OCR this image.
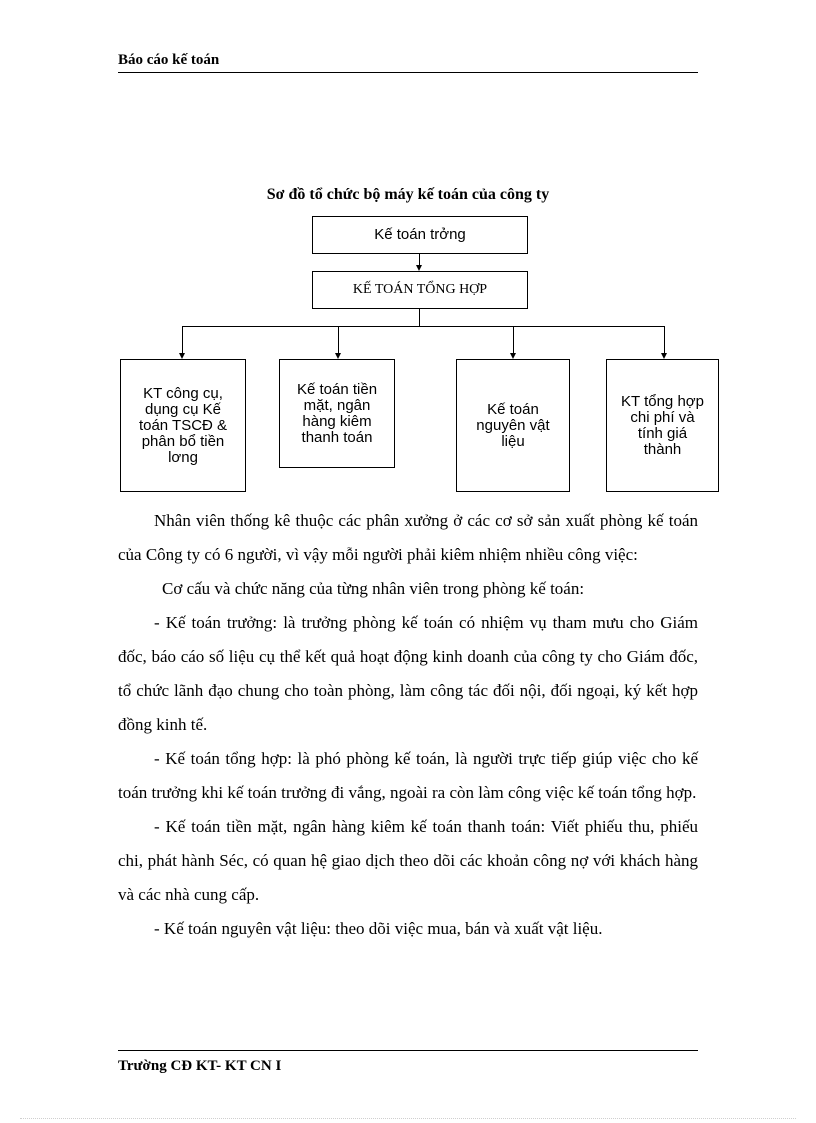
Báo cáo kế toán
Sơ đồ tổ chức bộ máy kế toán của công ty
Kế toán trởng
KẾ TOÁN TỔNG HỢP
KT công cụ,
dụng cụ Kế
toán TSCĐ &
phân bổ tiền
lơng
Kế toán tiền
mặt, ngân
hàng kiêm
thanh toán
Kế toán
nguyên vật
liệu
KT tổng hợp
chi phí và
tính giá
thành

Nhân viên thống kê thuộc các phân xưởng ở các cơ sở sản xuất phòng kế toán của Công ty có 6 người, vì vậy mỗi người phải kiêm nhiệm nhiều công việc:

Cơ cấu và chức năng của từng nhân viên trong phòng kế toán:

- Kế toán trưởng: là trưởng phòng kế toán có nhiệm vụ tham mưu cho Giám đốc, báo cáo số liệu cụ thể kết quả hoạt động kinh doanh của công ty cho Giám đốc, tổ chức lãnh đạo chung cho toàn phòng, làm công tác đối nội, đối ngoại, ký kết hợp đồng kinh tế.

- Kế toán tổng hợp: là phó phòng kế toán, là người trực tiếp giúp việc cho kế toán trưởng khi kế toán trưởng đi vắng, ngoài ra còn làm công việc kế toán tổng hợp.

- Kế toán tiền mặt, ngân hàng kiêm kế toán thanh toán: Viết phiếu thu, phiếu chi, phát hành Séc, có quan hệ giao dịch theo dõi các khoản công nợ với khách hàng và các nhà cung cấp.

- Kế toán nguyên vật liệu: theo dõi việc mua, bán và xuất vật liệu.

Trường CĐ KT- KT CN I
